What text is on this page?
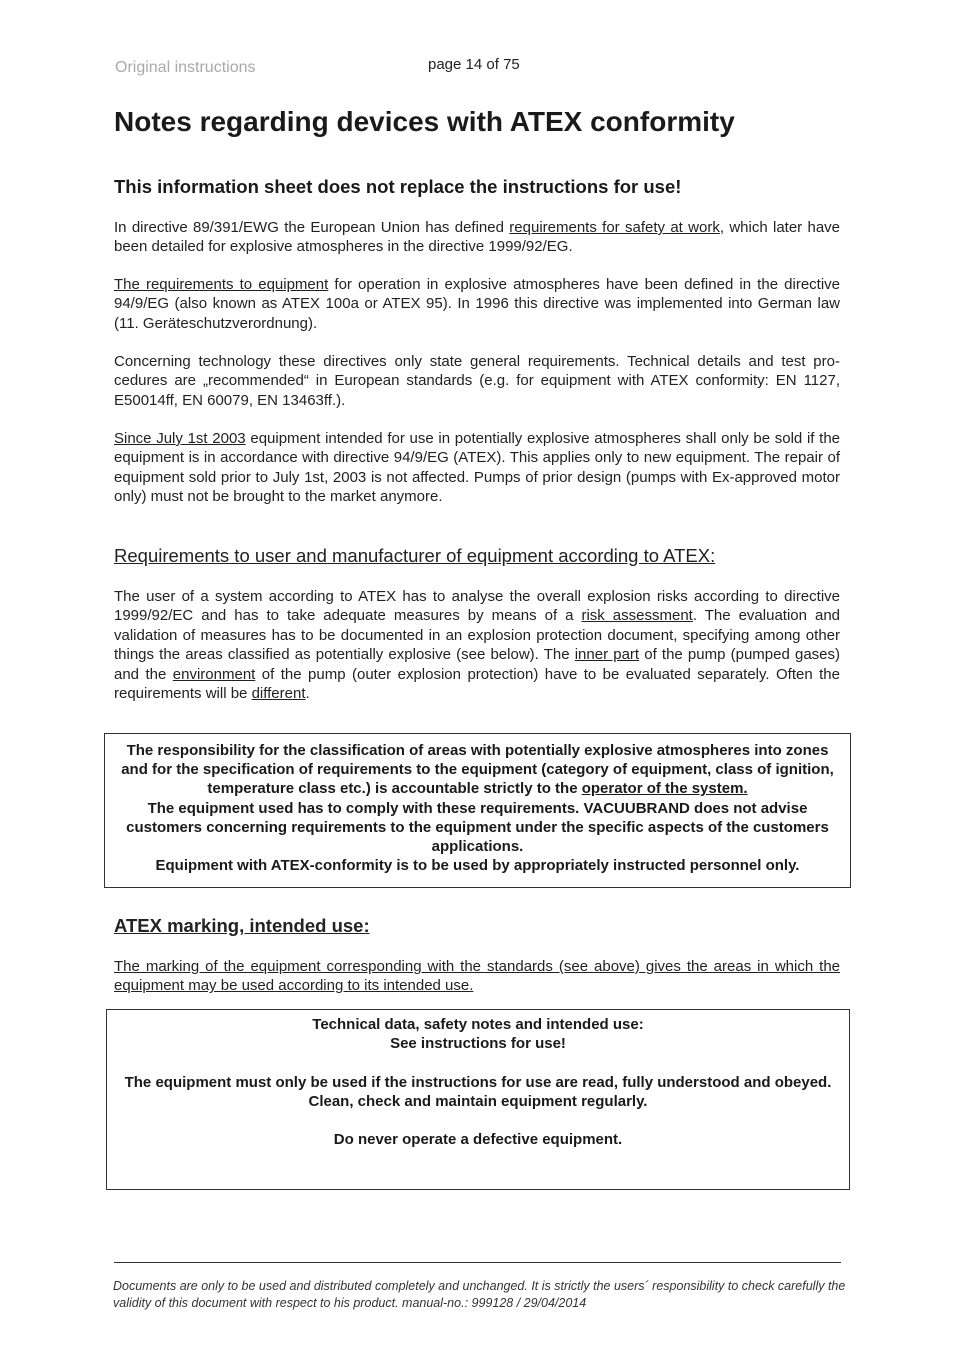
Original instructions	page 14 of 75
Notes regarding devices with ATEX conformity
This information sheet does not replace the instructions for use!

In directive 89/391/EWG the European Union has defined requirements for safety at work, which later have been detailed for explosive atmospheres in the directive 1999/92/EG.

The requirements to equipment for operation in explosive atmospheres have been defined in the directive 94/9/EG (also known as ATEX 100a or ATEX 95). In 1996 this directive was implemented into German law (11. Geräteschutzverordnung).

Concerning technology these directives only state general requirements. Technical details and test procedures are „recommended“ in European standards (e.g. for equipment with ATEX conformity: EN 1127, E50014ff, EN 60079, EN 13463ff.).

Since July 1st 2003 equipment intended for use in potentially explosive atmospheres shall only be sold if the equipment is in accordance with directive 94/9/EG (ATEX). This applies only to new equipment. The repair of equipment sold prior to July 1st, 2003 is not affected. Pumps of prior design (pumps with Ex-approved motor only) must not be brought to the market anymore.

Requirements to user and manufacturer of equipment according to ATEX:

The user of a system according to ATEX has to analyse the overall explosion risks according to directive 1999/92/EC and has to take adequate measures by means of a risk assessment. The evaluation and validation of measures has to be documented in an explosion protection document, specifying among other things the areas classified as potentially explosive (see below). The inner part of the pump (pumped gases) and the environment of the pump (outer explosion protection) have to be evaluated separately. Often the requirements will be different.

The responsibility for the classification of areas with potentially explosive atmospheres into zones and for the specification of requirements to the equipment (category of equipment, class of ignition, temperature class etc.) is accountable strictly to the operator of the system.

The equipment used has to comply with these requirements. VACUUBRAND does not advise customers concerning requirements to the equipment under the specific aspects of the customers applications.

Equipment with ATEX-conformity is to be used by appropriately instructed personnel only.

ATEX marking, intended use:

The marking of the equipment corresponding with the standards (see above) gives the areas in which the equipment may be used according to its intended use.

Technical data, safety notes and intended use:

See instructions for use!

The equipment must only be used if the instructions for use are read, fully understood and obeyed.

Clean, check and maintain equipment regularly.

Do never operate a defective equipment.

Documents are only to be used and distributed completely and unchanged. It is strictly the users´ responsibility to check carefully the validity of this document with respect to his product. manual-no.: 999128 / 29/04/2014
